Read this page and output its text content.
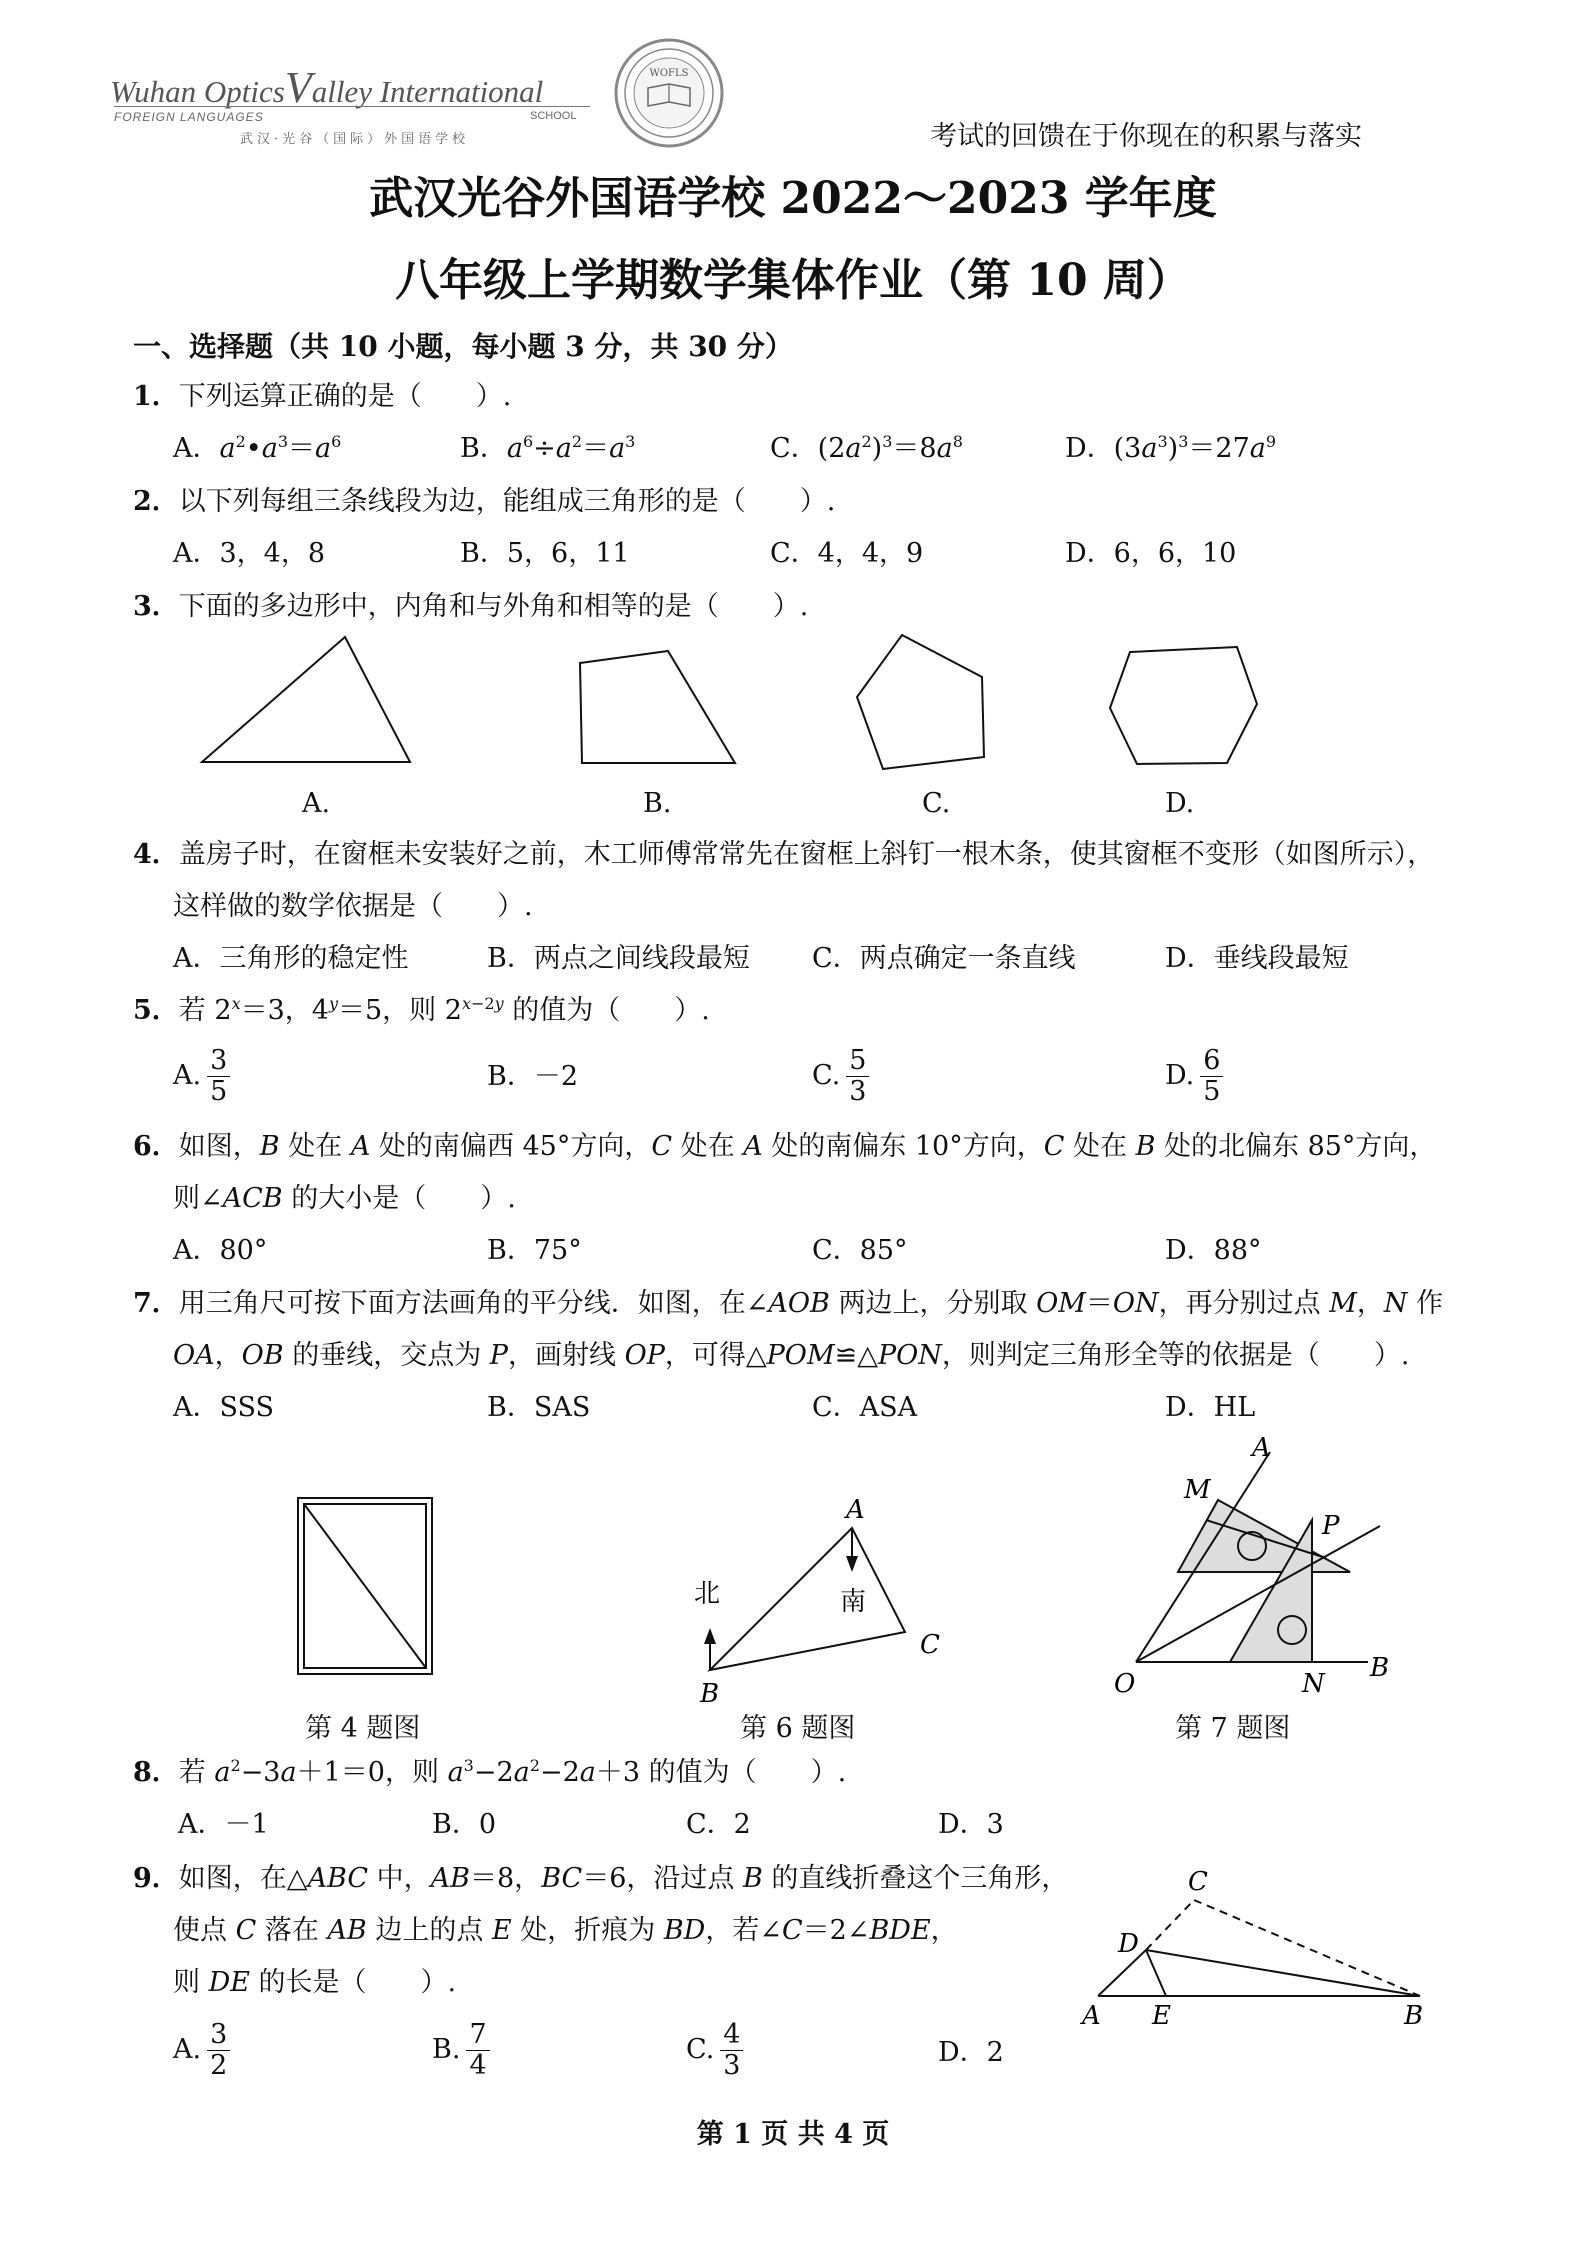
Wuhan OpticsValley International
FOREIGN LANGUAGES	SCHOOL
武汉·光谷（国际）外国语学校
WOFLS
考试的回馈在于你现在的积累与落实
武汉光谷外国语学校 2022～2023 学年度
八年级上学期数学集体作业（第 10 周）
一、选择题（共 10 小题，每小题 3 分，共 30 分）
1．下列运算正确的是（　　）.
A．$a^2•a^3=a^6$	B．$a^6\div a^2=a^3$	C．$(2a^2)^3=8a^8$	D．$(3a^3)^3=27a^9$
2．以下列每组三条线段为边，能组成三角形的是（　　）.
A．3，4，8	B．5，6，11	C．4，4，9	D．6，6，10
3．下面的多边形中，内角和与外角和相等的是（　　）.
A.	B.	C.	D.
4．盖房子时，在窗框未安装好之前，木工师傅常常先在窗框上斜钉一根木条，使其窗框不变形（如图所示），
这样做的数学依据是（　　）.
A．三角形的稳定性	B．两点之间线段最短 C．两点确定一条直线	D．垂线段最短
5．若 $2^x=3$，$4^y=5$，则 $2^{x-2y}$ 的值为（　　）.
A. $\frac{3}{5}$	B．－2	C. $\frac{5}{3}$	D. $\frac{6}{5}$
6．如图，B 处在 A 处的南偏西 45°方向，C 处在 A 处的南偏东 10°方向，C 处在 B 处的北偏东 85°方向，
则∠ACB 的大小是（　　）.
A．80°	B．75°	C．85°	D．88°
7．用三角尺可按下面方法画角的平分线．如图，在∠AOB 两边上，分别取 OM＝ON，再分别过点 M，N 作
OA，OB 的垂线，交点为 P，画射线 OP，可得△POM≌△PON，则判定三角形全等的依据是（　　）.
A．SSS	B．SAS	C．ASA	D．HL
第 4 题图
A
B
C
南
北
第 6 题图
A
M
P
O	N
B
第 7 题图
8．若 $a^2-3a+1=0$，则 $a^3-2a^2-2a+3$ 的值为（　　）.
A．－1	B．0	C．2	D．3
9．如图，在△ABC 中，AB＝8，BC＝6，沿过点 B 的直线折叠这个三角形，
使点 C 落在 AB 边上的点 E 处，折痕为 BD，若∠C＝2∠BDE，
则 DE 的长是（　　）.
A. $\frac{3}{2}$	B. $\frac{7}{4}$	C. $\frac{4}{3}$	D．2
C
D
A E	B
第 1 页 共 4 页
